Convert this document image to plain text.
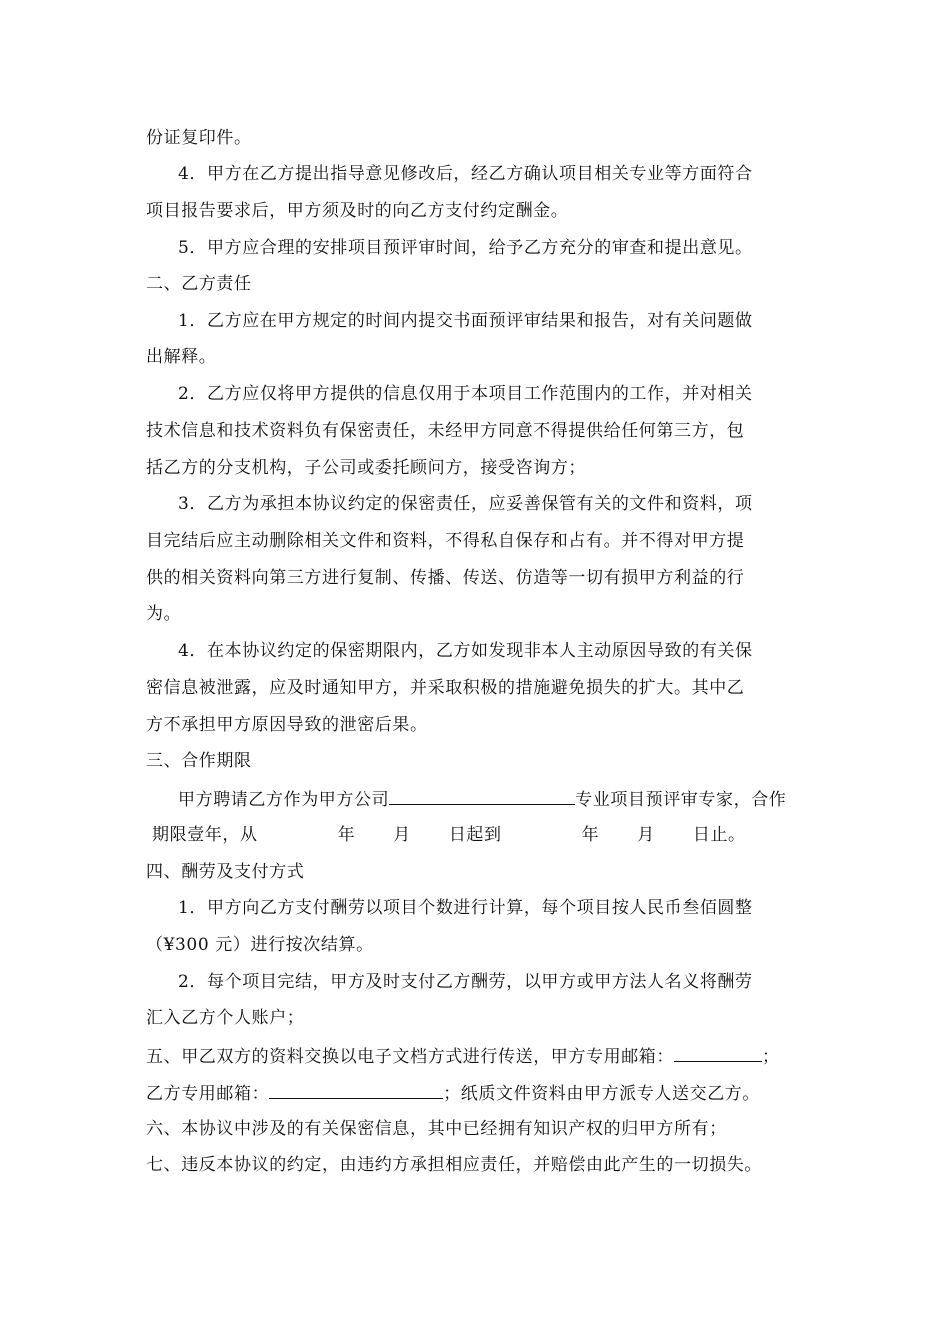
份证复印件。
4．甲方在乙方提出指导意见修改后，经乙方确认项目相关专业等方面符合
项目报告要求后，甲方须及时的向乙方支付约定酬金。
5．甲方应合理的安排项目预评审时间，给予乙方充分的审查和提出意见。
二、乙方责任
1．乙方应在甲方规定的时间内提交书面预评审结果和报告，对有关问题做
出解释。
2．乙方应仅将甲方提供的信息仅用于本项目工作范围内的工作，并对相关
技术信息和技术资料负有保密责任，未经甲方同意不得提供给任何第三方，包
括乙方的分支机构，子公司或委托顾问方，接受咨询方；
3．乙方为承担本协议约定的保密责任，应妥善保管有关的文件和资料，项
目完结后应主动删除相关文件和资料，不得私自保存和占有。并不得对甲方提
供的相关资料向第三方进行复制、传播、传送、仿造等一切有损甲方利益的行
为。
4．在本协议约定的保密期限内，乙方如发现非本人主动原因导致的有关保
密信息被泄露，应及时通知甲方，并采取积极的措施避免损失的扩大。其中乙
方不承担甲方原因导致的泄密后果。
三、合作期限
甲方聘请乙方作为甲方公司	专业项目预评审专家，合作
期限壹年，从	年 月 日起到	年 月 日止。
四、酬劳及支付方式
1．甲方向乙方支付酬劳以项目个数进行计算，每个项目按人民币叁佰圆整
（¥300 元）进行按次结算。
2．每个项目完结，甲方及时支付乙方酬劳，以甲方或甲方法人名义将酬劳
汇入乙方个人账户；
五、甲乙双方的资料交换以电子文档方式进行传送，甲方专用邮箱：	；
乙方专用邮箱：	；纸质文件资料由甲方派专人送交乙方。
六、本协议中涉及的有关保密信息，其中已经拥有知识产权的归甲方所有；
七、违反本协议的约定，由违约方承担相应责任，并赔偿由此产生的一切损失。
